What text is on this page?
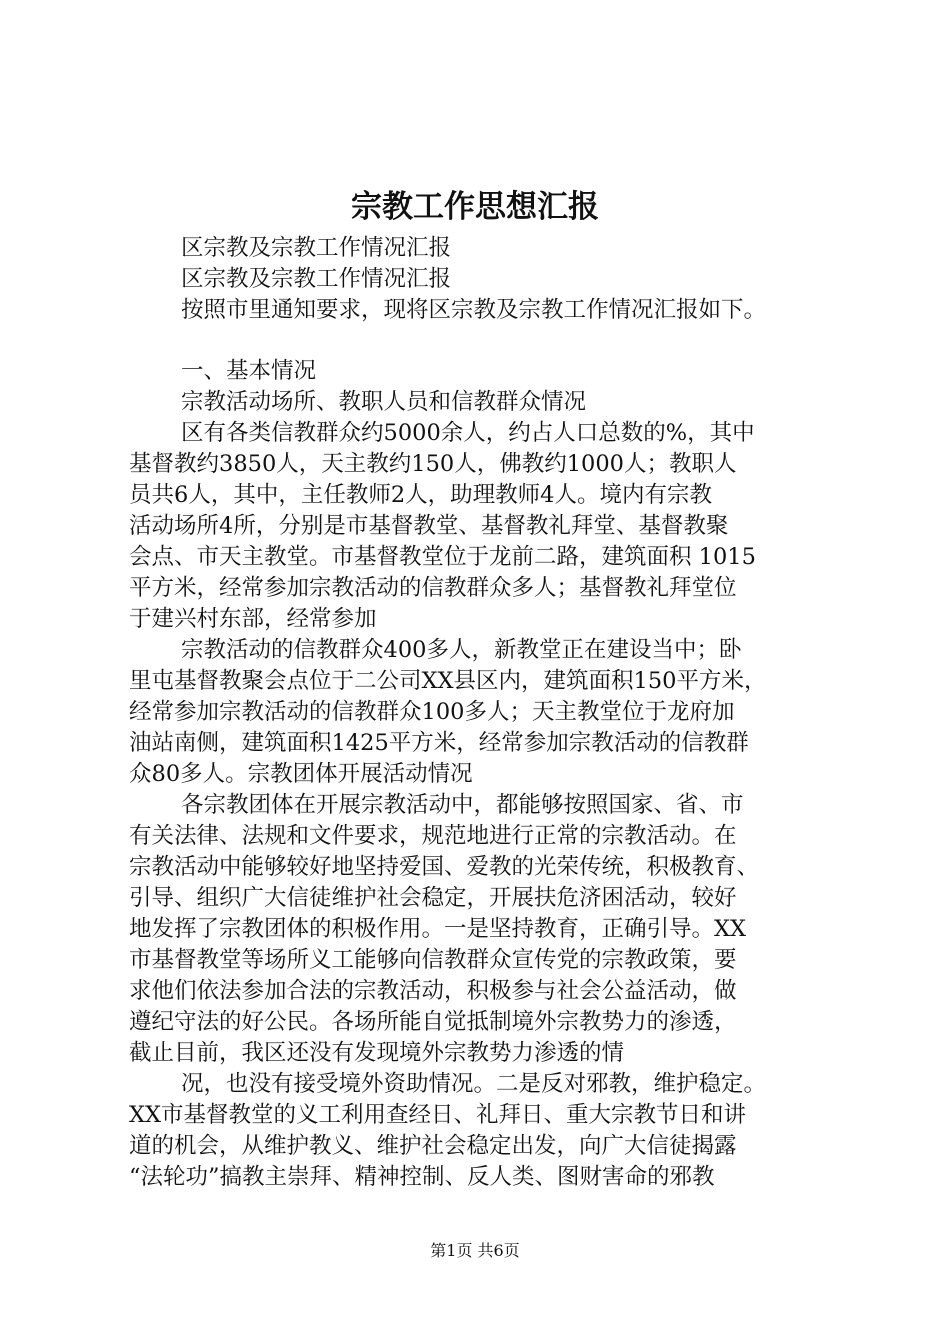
宗教工作思想汇报
区宗教及宗教工作情况汇报
区宗教及宗教工作情况汇报
按照市里通知要求，现将区宗教及宗教工作情况汇报如下。
一、基本情况
宗教活动场所、教职人员和信教群众情况
区有各类信教群众约5000余人，约占人口总数的%，其中
基督教约3850人，天主教约150人，佛教约1000人；教职人
员共6人，其中，主任教师2人，助理教师4人。境内有宗教
活动场所4所，分别是市基督教堂、基督教礼拜堂、基督教聚
会点、市天主教堂。市基督教堂位于龙前二路，建筑面积 1015
平方米，经常参加宗教活动的信教群众多人；基督教礼拜堂位
于建兴村东部，经常参加
宗教活动的信教群众400多人，新教堂正在建设当中；卧
里屯基督教聚会点位于二公司XX县区内，建筑面积150平方米，
经常参加宗教活动的信教群众100多人；天主教堂位于龙府加
油站南侧，建筑面积1425平方米，经常参加宗教活动的信教群
众80多人。宗教团体开展活动情况
各宗教团体在开展宗教活动中，都能够按照国家、省、市
有关法律、法规和文件要求，规范地进行正常的宗教活动。在
宗教活动中能够较好地坚持爱国、爱教的光荣传统，积极教育、
引导、组织广大信徒维护社会稳定，开展扶危济困活动，较好
地发挥了宗教团体的积极作用。一是坚持教育，正确引导。XX
市基督教堂等场所义工能够向信教群众宣传党的宗教政策，要
求他们依法参加合法的宗教活动，积极参与社会公益活动，做
遵纪守法的好公民。各场所能自觉抵制境外宗教势力的渗透，
截止目前，我区还没有发现境外宗教势力渗透的情
况，也没有接受境外资助情况。二是反对邪教，维护稳定。
XX市基督教堂的义工利用查经日、礼拜日、重大宗教节日和讲
道的机会，从维护教义、维护社会稳定出发，向广大信徒揭露
“法轮功”搞教主崇拜、精神控制、反人类、图财害命的邪教
第1页 共6页
